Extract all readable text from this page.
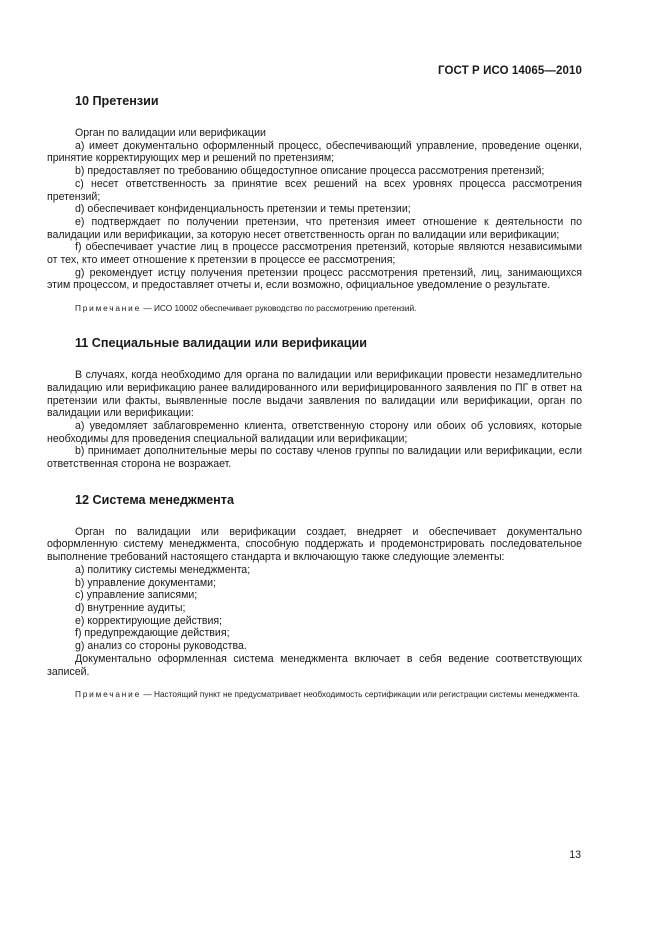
ГОСТ Р ИСО 14065—2010
10 Претензии

Орган по валидации или верификации

a) имеет документально оформленный процесс, обеспечивающий управление, проведение оценки, принятие корректирующих мер и решений по претензиям;

b) предоставляет по требованию общедоступное описание процесса рассмотрения претензий;

c) несет ответственность за принятие всех решений на всех уровнях процесса рассмотрения претензий;

d) обеспечивает конфиденциальность претензии и темы претензии;

e) подтверждает по получении претензии, что претензия имеет отношение к деятельности по валидации или верификации, за которую несет ответственность орган по валидации или верификации;

f) обеспечивает участие лиц в процессе рассмотрения претензий, которые являются независимыми от тех, кто имеет отношение к претензии в процессе ее рассмотрения;

g) рекомендует истцу получения претензии процесс рассмотрения претензий, лиц, занимающихся этим процессом, и предоставляет отчеты и, если возможно, официальное уведомление о результате.

Примечание — ИСО 10002 обеспечивает руководство по рассмотрению претензий.
11 Специальные валидации или верификации

В случаях, когда необходимо для органа по валидации или верификации провести незамедлительно валидацию или верификацию ранее валидированного или верифицированного заявления по ПГ в ответ на претензии или факты, выявленные после выдачи заявления по валидации или верификации, орган по валидации или верификации:

a) уведомляет заблаговременно клиента, ответственную сторону или обоих об условиях, которые необходимы для проведения специальной валидации или верификации;

b) принимает дополнительные меры по составу членов группы по валидации или верификации, если ответственная сторона не возражает.

12 Система менеджмента

Орган по валидации или верификации создает, внедряет и обеспечивает документально оформленную систему менеджмента, способную поддержать и продемонстрировать последовательное выполнение требований настоящего стандарта и включающую также следующие элементы:

a) политику системы менеджмента;

b) управление документами;

c) управление записями;

d) внутренние аудиты;

e) корректирующие действия;

f) предупреждающие действия;

g) анализ со стороны руководства.

Документально оформленная система менеджмента включает в себя ведение соответствующих записей.

Примечание — Настоящий пункт не предусматривает необходимость сертификации или регистрации системы менеджмента.
13
